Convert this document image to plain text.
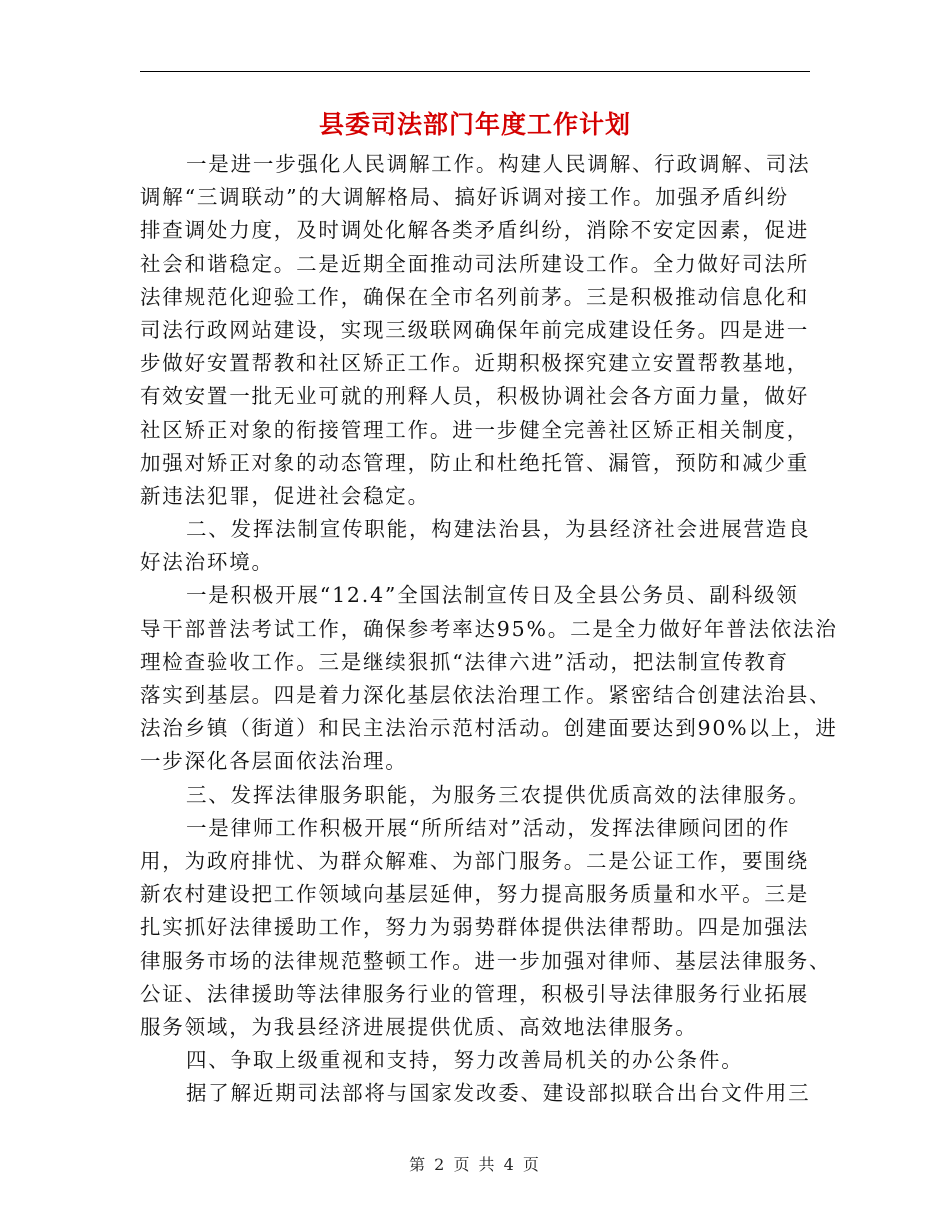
县委司法部门年度工作计划
一是进一步强化人民调解工作。构建人民调解、行政调解、司法
调解“三调联动”的大调解格局、搞好诉调对接工作。加强矛盾纠纷
排查调处力度，及时调处化解各类矛盾纠纷，消除不安定因素，促进
社会和谐稳定。二是近期全面推动司法所建设工作。全力做好司法所
法律规范化迎验工作，确保在全市名列前茅。三是积极推动信息化和
司法行政网站建设，实现三级联网确保年前完成建设任务。四是进一
步做好安置帮教和社区矫正工作。近期积极探究建立安置帮教基地，
有效安置一批无业可就的刑释人员，积极协调社会各方面力量，做好
社区矫正对象的衔接管理工作。进一步健全完善社区矫正相关制度，
加强对矫正对象的动态管理，防止和杜绝托管、漏管，预防和减少重
新违法犯罪，促进社会稳定。
二、发挥法制宣传职能，构建法治县，为县经济社会进展营造良
好法治环境。
一是积极开展“12.4”全国法制宣传日及全县公务员、副科级领
导干部普法考试工作，确保参考率达95%。二是全力做好年普法依法治
理检查验收工作。三是继续狠抓“法律六进”活动，把法制宣传教育
落实到基层。四是着力深化基层依法治理工作。紧密结合创建法治县、
法治乡镇（街道）和民主法治示范村活动。创建面要达到90%以上，进
一步深化各层面依法治理。
三、发挥法律服务职能，为服务三农提供优质高效的法律服务。
一是律师工作积极开展“所所结对”活动，发挥法律顾问团的作
用，为政府排忧、为群众解难、为部门服务。二是公证工作，要围绕
新农村建设把工作领域向基层延伸，努力提高服务质量和水平。三是
扎实抓好法律援助工作，努力为弱势群体提供法律帮助。四是加强法
律服务市场的法律规范整顿工作。进一步加强对律师、基层法律服务、
公证、法律援助等法律服务行业的管理，积极引导法律服务行业拓展
服务领域，为我县经济进展提供优质、高效地法律服务。
四、争取上级重视和支持，努力改善局机关的办公条件。
据了解近期司法部将与国家发改委、建设部拟联合出台文件用三
第 2 页 共 4 页
